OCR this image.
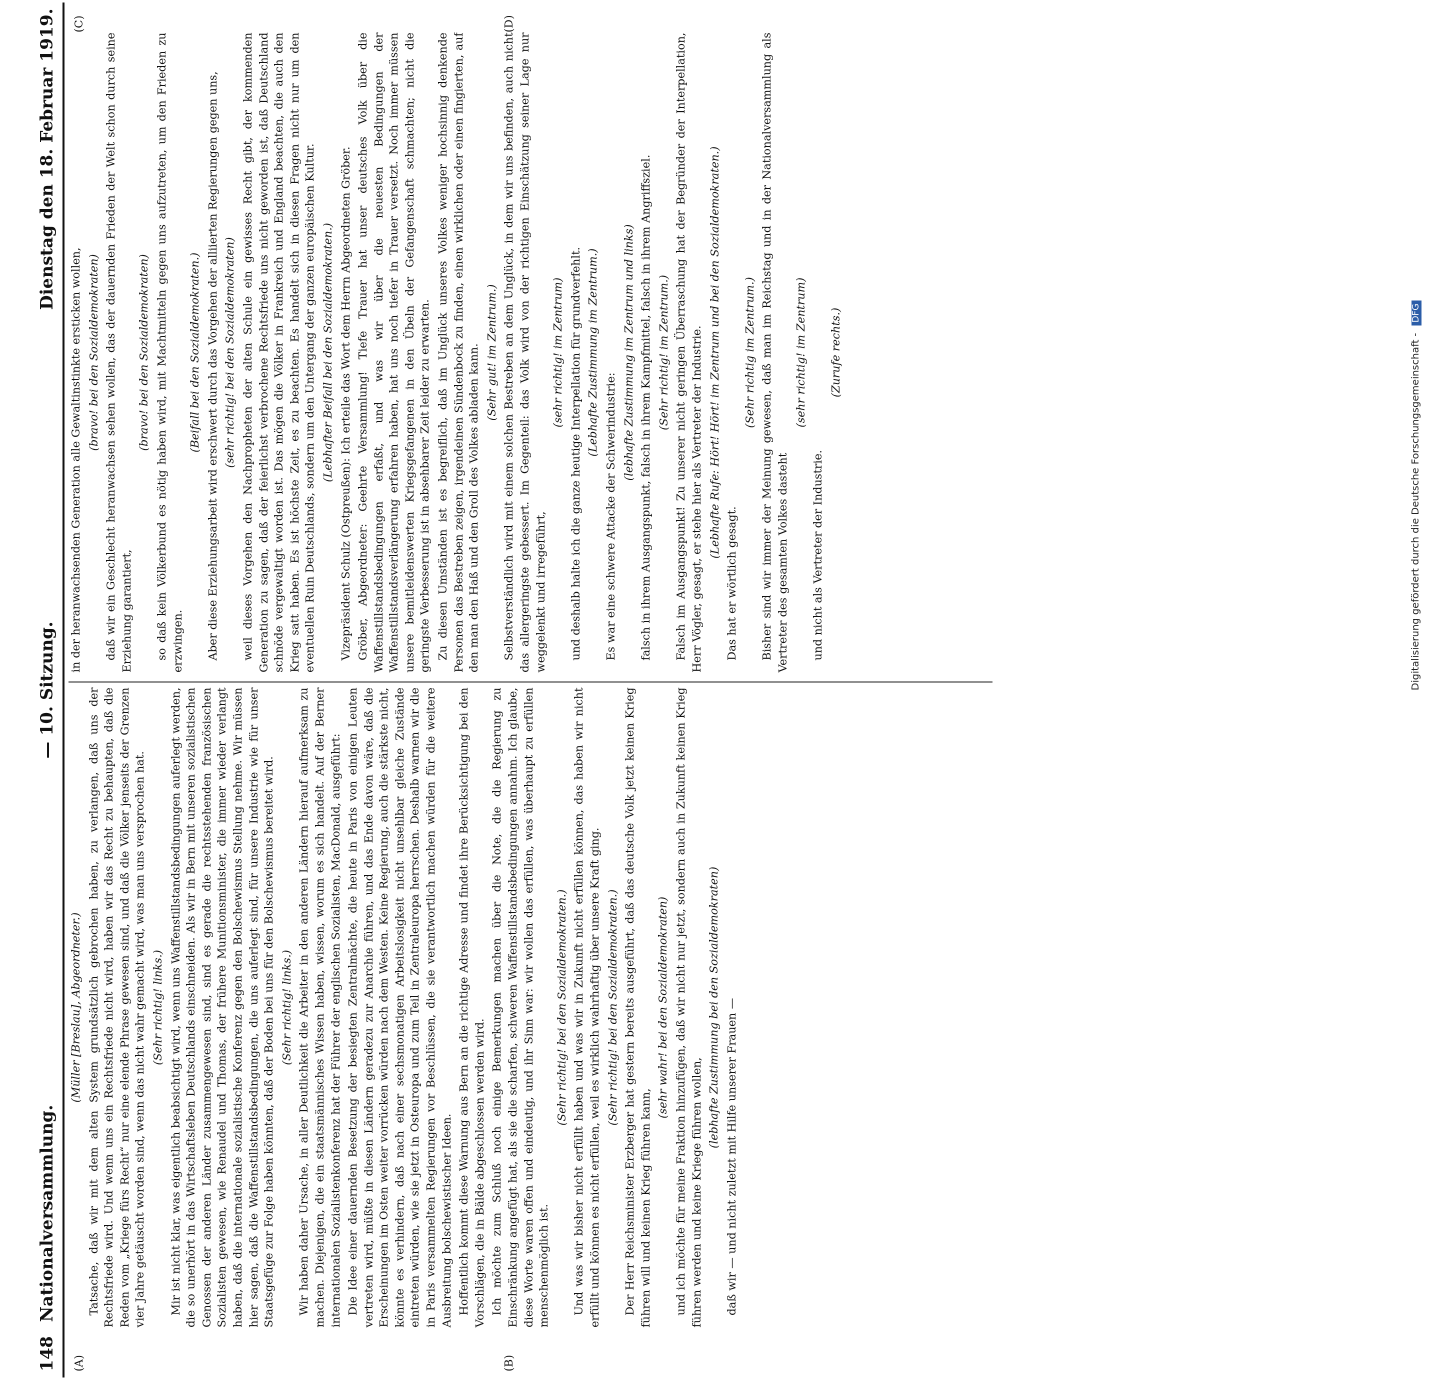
148
Nationalversammlung.
— 10. Sitzung.
Dienstag den 18. Februar 1919.
(A)	(B)
(C)	(D)

(Müller [Breslau], Abgeordneter.) Tatsache, daß wir mit dem alten System grundsätzlich gebrochen haben, zu verlangen, daß uns der Rechtsfriede wird. Und wenn uns ein Rechtsfriede nicht wird, haben wir das Recht zu behaupten, daß die Reden vom „Kriege fürs Recht“ nur eine elende Phrase gewesen sind, und daß die Völker jenseits der Grenzen vier Jahre getäuscht worden sind, wenn das nicht wahr gemacht wird, was man uns versprochen hat. (Sehr richtig! links.) Mir ist nicht klar, was eigentlich beabsichtigt wird, wenn uns Waffenstillstandsbedingungen auferlegt werden, die so unerhört in das Wirtschaftsleben Deutschlands einschneiden. Als wir in Bern mit unseren sozialistischen Genossen der anderen Länder zusammengewesen sind, sind es gerade die rechtsstehenden französischen Sozialisten gewesen, wie Renaudel und Thomas, der frühere Munitionsminister, die immer wieder verlangt haben, daß die internationale sozialistische Konferenz gegen den Bolschewismus Stellung nehme. Wir müssen hier sagen, daß die Waffenstillstandsbedingungen, die uns auferlegt sind, für unsere Industrie wie für unser Staatsgefüge zur Folge haben könnten, daß der Boden bei uns für den Bolschewismus bereitet wird. (Sehr richtig! links.) Wir haben daher Ursache, in aller Deutlichkeit die Arbeiter in den anderen Ländern hierauf aufmerksam zu machen. Diejenigen, die ein staatsmännisches Wissen haben, wissen, worum es sich handelt. Auf der Berner internationalen Sozialistenkonferenz hat der Führer der englischen Sozialisten, MacDonald, ausgeführt: Die Idee einer dauernden Besetzung der besiegten Zentralmächte, die heute in Paris von einigen Leuten vertreten wird, müßte in diesen Ländern geradezu zur Anarchie führen, und das Ende davon wäre, daß die Erscheinungen im Osten weiter vorrücken würden nach dem Westen. Keine Regierung, auch die stärkste nicht, könnte es verhindern, daß nach einer sechsmonatigen Arbeitslosigkeit nicht unsehlbar gleiche Zustände eintreten würden, wie sie jetzt in Osteuropa und zum Teil in Zentraleuropa herrschen. Deshalb warnen wir die in Paris versammelten Regierungen vor Beschlüssen, die sie verantwortlich machen würden für die weitere Ausbreitung bolschewistischer Ideen. Hoffentlich kommt diese Warnung aus Bern an die richtige Adresse und findet ihre Berücksichtigung bei den Vorschlägen, die in Bälde abgeschlossen werden wird. Ich möchte zum Schluß noch einige Bemerkungen machen über die Note, die die Regierung zu Einschränkung angefügt hat, als sie die scharfen, schweren Waffenstillstandsbedingungen annahm. Ich glaube, diese Worte waren offen und eindeutig, und ihr Sinn war: wir wollen das erfüllen, was überhaupt zu erfüllen menschenmöglich ist.

(Sehr richtig! bei den Sozialdemokraten.) Und was wir bisher nicht erfüllt haben und was wir in Zukunft nicht erfüllen können, das haben wir nicht erfüllt und können es nicht erfüllen, weil es wirklich wahrhaftig über unsere Kraft ging. (Sehr richtig! bei den Sozialdemokraten.) Der Herr Reichsminister Erzberger hat gestern bereits ausgeführt, daß das deutsche Volk jetzt keinen Krieg führen will und keinen Krieg führen kann,

(sehr wahr! bei den Sozialdemokraten) und ich möchte für meine Fraktion hinzufügen, daß wir nicht nur jetzt, sondern auch in Zukunft keinen Krieg führen werden und keine Kriege führen wollen,

(lebhafte Zustimmung bei den Sozialdemokraten) daß wir — und nicht zuletzt mit Hilfe unserer Frauen —

in der heranwachsenden Generation alle Gewaltinstinkte ersticken wollen, (bravo! bei den Sozialdemokraten) daß wir ein Geschlecht heranwachsen sehen wollen, das der dauernden Frieden der Welt schon durch seine Erziehung garantiert,

(bravo! bei den Sozialdemokraten) so daß kein Völkerbund es nötig haben wird, mit Machtmitteln gegen uns aufzutreten, um den Frieden zu erzwingen.

(Beifall bei den Sozialdemokraten.) Aber diese Erziehungsarbeit wird erschwert durch das Vorgehen der alliierten Regierungen gegen uns, (sehr richtig! bei den Sozialdemokraten) weil dieses Vorgehen den Nachpropheten der alten Schule ein gewisses Recht gibt, der kommenden Generation zu sagen, daß der feierlichst verbrochene Rechtsfriede uns nicht geworden ist, daß Deutschland schnöde vergewaltigt worden ist. Das mögen die Völker in Frankreich und England beachten, die auch den Krieg satt haben. Es ist höchste Zeit, es zu beachten. Es handelt sich in diesen Fragen nicht nur um den eventuellen Ruin Deutschlands, sondern um den Untergang der ganzen europäischen Kultur. (Lebhafter Beifall bei den Sozialdemokraten.) Vizepräsident Schulz (Ostpreußen): Ich erteile das Wort dem Herrn Abgeordneten Gröber. Gröber, Abgeordneter: Geehrte Versammlung! Tiefe Trauer hat unser deutsches Volk über die Waffenstillstandsbedingungen erfaßt, und was wir über die neuesten Bedingungen der Waffenstillstandsverlängerung erfahren haben, hat uns noch tiefer in Trauer versetzt. Noch immer müssen unsere bemitleidenswerten Kriegsgefangenen in den Übeln der Gefangenschaft schmachten; nicht die geringste Verbesserung ist in absehbarer Zeit leider zu erwarten. Zu diesen Umständen ist es begreiflich, daß im Unglück unseres Volkes weniger hochsinnig denkende Personen das Bestreben zeigen, irgendeinen Sündenbock zu finden, einen wirklichen oder einen fingierten, auf den man den Haß und den Groll des Volkes abladen kann. (Sehr gut! im Zentrum.) Selbstverständlich wird mit einem solchen Bestreben an dem Unglück, in dem wir uns befinden, auch nicht das allergeringste gebessert. Im Gegenteil: das Volk wird von der richtigen Einschätzung seiner Lage nur weggelenkt und irregeführt,

(sehr richtig! im Zentrum) und deshalb halte ich die ganze heutige Interpellation für grundverfehlt. (Lebhafte Zustimmung im Zentrum.)

Es war eine schwere Attacke der Schwerindustrie:

(lebhafte Zustimmung im Zentrum und links) falsch in ihrem Ausgangspunkt, falsch in ihrem Kampfmittel, falsch in ihrem Angriffsziel. (Sehr richtig! im Zentrum.) Falsch im Ausgangspunkt! Zu unserer nicht geringen Überraschung hat der Begründer der Interpellation, Herr Vögler, gesagt, er stehe hier als Vertreter der Industrie. (Lebhafte Rufe: Hört! Hört! im Zentrum und bei den Sozialdemokraten.)

Das hat er wörtlich gesagt.

(Sehr richtig im Zentrum.) Bisher sind wir immer der Meinung gewesen, daß man im Reichstag und in der Nationalversammlung als Vertreter des gesamten Volkes dasteht

(sehr richtig! im Zentrum)

und nicht als Vertreter der Industrie.

(Zurufe rechts.)	Digitalisierung gefördert durch die Deutsche Forschungsgemeinschaft - DFG
